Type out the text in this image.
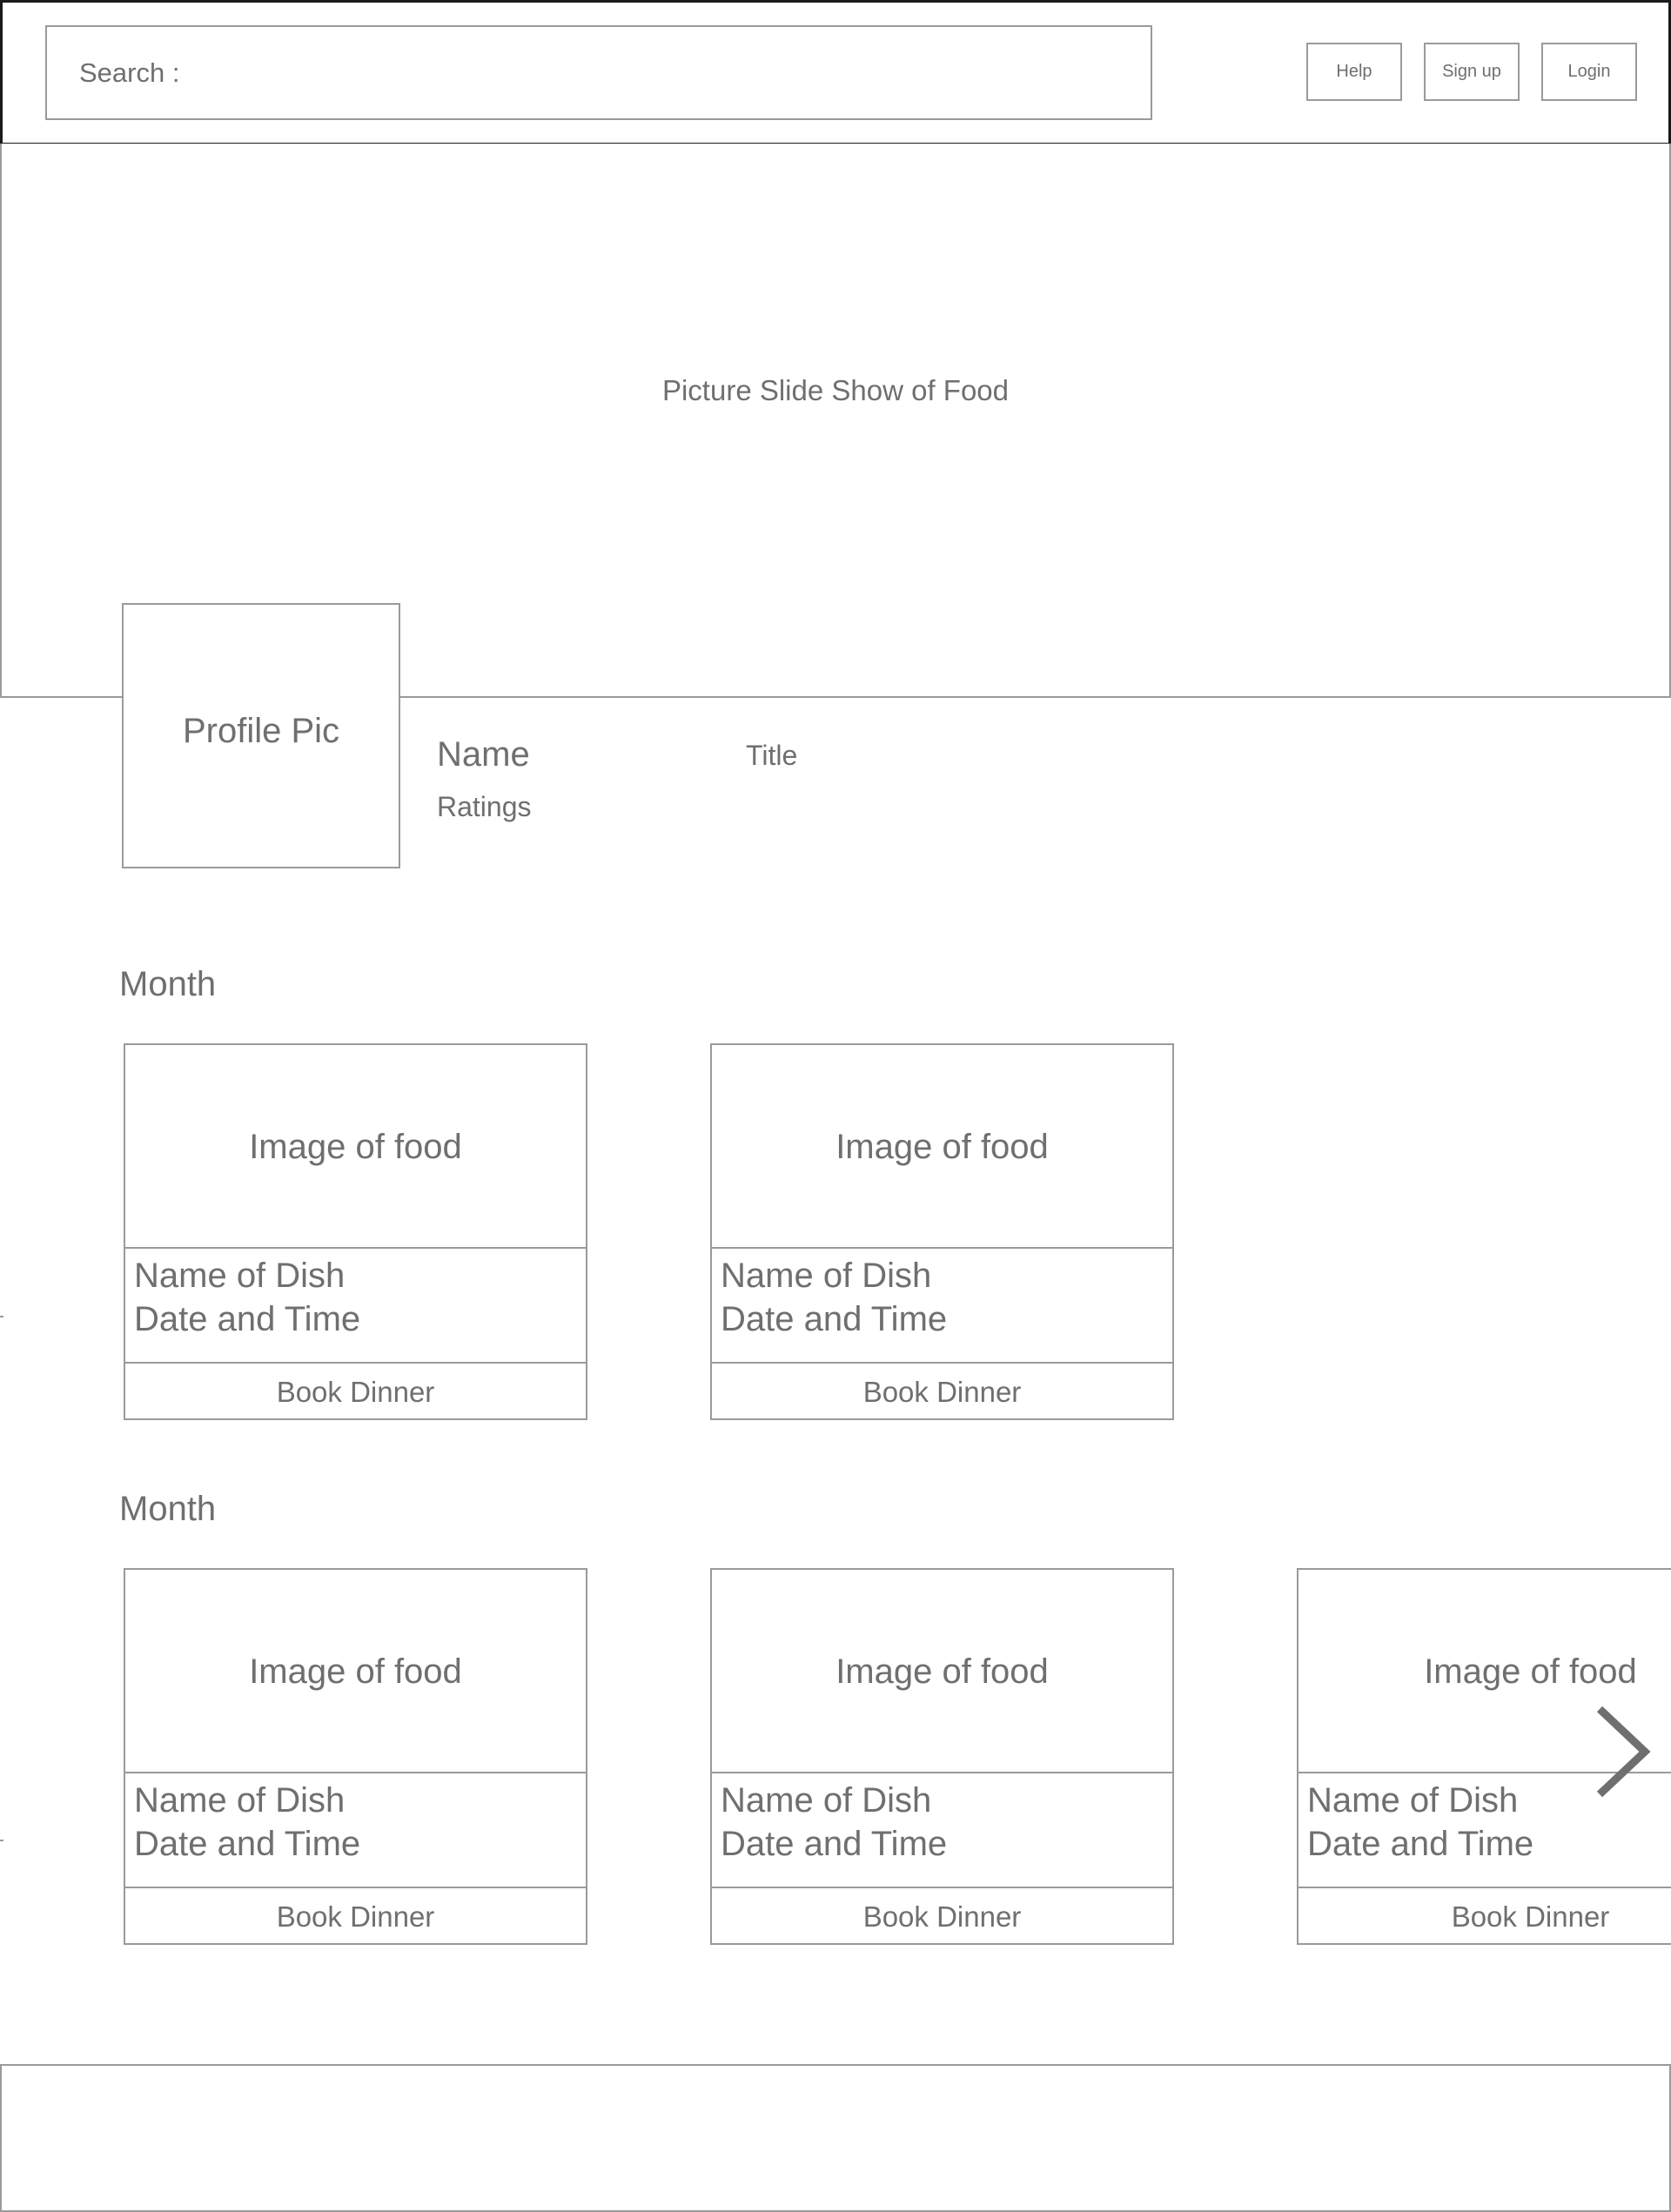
Search :	Help	Sign up	Login
Picture Slide Show of Food
Profile Pic
Name	Title
Ratings
Month
Image of food
Name of Dish
Date and Time
Book Dinner
Image of food
Name of Dish
Date and Time
Book Dinner
Month
Image of food
Name of Dish
Date and Time
Book Dinner
Image of food
Name of Dish
Date and Time
Book Dinner
Image of food
Name of Dish
Date and Time
Book Dinner
